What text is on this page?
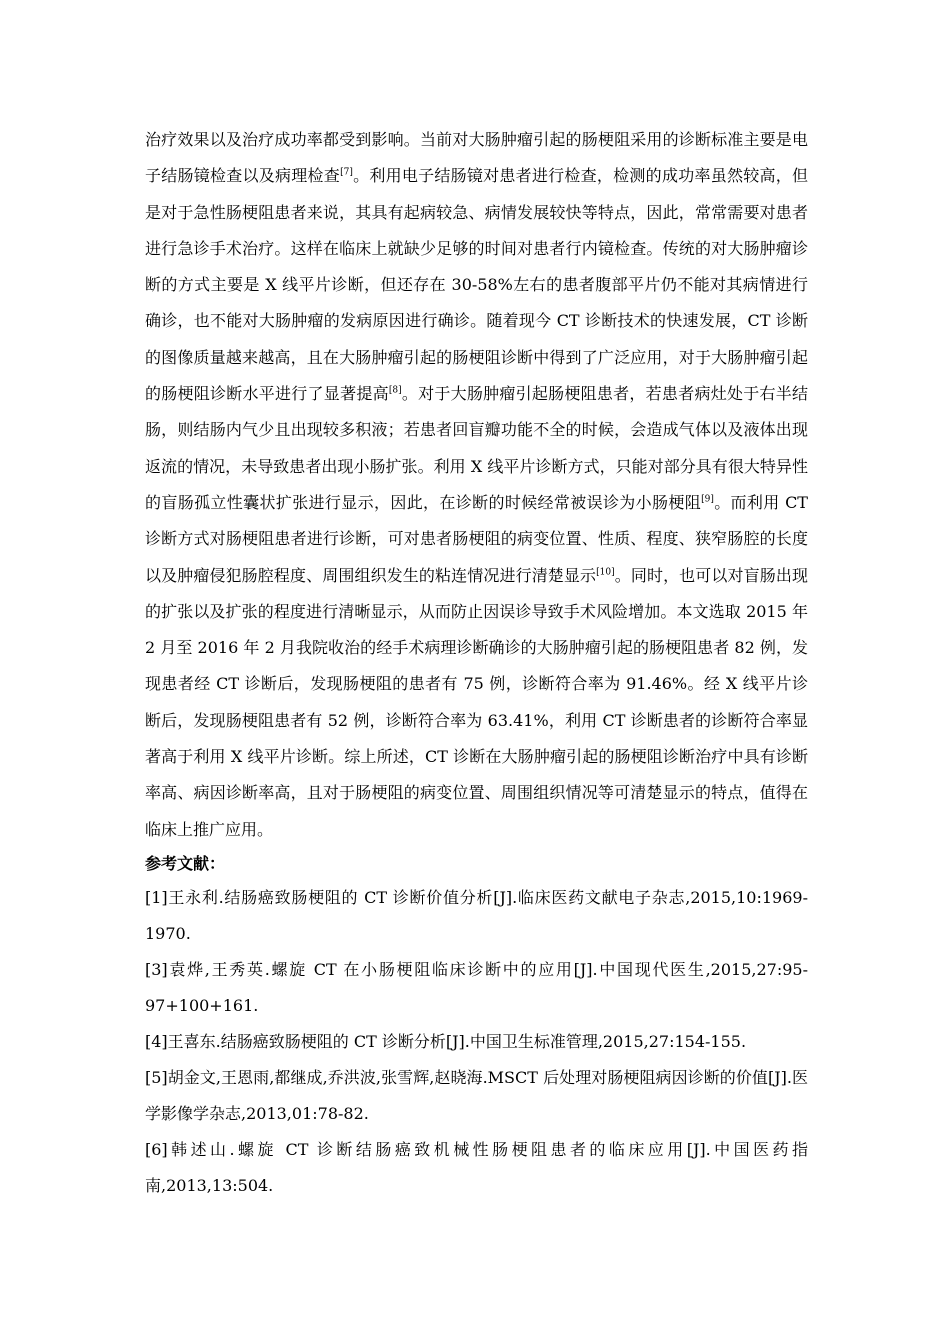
治疗效果以及治疗成功率都受到影响。当前对大肠肿瘤引起的肠梗阻采用的诊断标准主要是电子结肠镜检查以及病理检查[7]。利用电子结肠镜对患者进行检查，检测的成功率虽然较高，但是对于急性肠梗阻患者来说，其具有起病较急、病情发展较快等特点，因此，常常需要对患者进行急诊手术治疗。这样在临床上就缺少足够的时间对患者行内镜检查。传统的对大肠肿瘤诊断的方式主要是 X 线平片诊断，但还存在 30-58%左右的患者腹部平片仍不能对其病情进行确诊，也不能对大肠肿瘤的发病原因进行确诊。随着现今 CT 诊断技术的快速发展，CT 诊断的图像质量越来越高，且在大肠肿瘤引起的肠梗阻诊断中得到了广泛应用，对于大肠肿瘤引起的肠梗阻诊断水平进行了显著提高[8]。对于大肠肿瘤引起肠梗阻患者，若患者病灶处于右半结肠，则结肠内气少且出现较多积液；若患者回盲瓣功能不全的时候，会造成气体以及液体出现返流的情况，未导致患者出现小肠扩张。利用 X 线平片诊断方式，只能对部分具有很大特异性的盲肠孤立性囊状扩张进行显示，因此，在诊断的时候经常被误诊为小肠梗阻[9]。而利用 CT 诊断方式对肠梗阻患者进行诊断，可对患者肠梗阻的病变位置、性质、程度、狭窄肠腔的长度以及肿瘤侵犯肠腔程度、周围组织发生的粘连情况进行清楚显示[10]。同时，也可以对盲肠出现的扩张以及扩张的程度进行清晰显示，从而防止因误诊导致手术风险增加。本文选取 2015 年 2 月至 2016 年 2 月我院收治的经手术病理诊断确诊的大肠肿瘤引起的肠梗阻患者 82 例，发现患者经 CT 诊断后，发现肠梗阻的患者有 75 例，诊断符合率为 91.46%。经 X 线平片诊断后，发现肠梗阻患者有 52 例，诊断符合率为 63.41%，利用 CT 诊断患者的诊断符合率显著高于利用 X 线平片诊断。综上所述，CT 诊断在大肠肿瘤引起的肠梗阻诊断治疗中具有诊断率高、病因诊断率高，且对于肠梗阻的病变位置、周围组织情况等可清楚显示的特点，值得在临床上推广应用。

参考文献：

[1]王永利.结肠癌致肠梗阻的 CT 诊断价值分析[J].临床医药文献电子杂志,2015,10:1969-1970.

[3]袁烨,王秀英.螺旋 CT 在小肠梗阻临床诊断中的应用[J].中国现代医生,2015,27:95-97+100+161.

[4]王喜东.结肠癌致肠梗阻的 CT 诊断分析[J].中国卫生标准管理,2015,27:154-155.

[5]胡金文,王恩雨,都继成,乔洪波,张雪辉,赵晓海.MSCT 后处理对肠梗阻病因诊断的价值[J].医学影像学杂志,2013,01:78-82.

[6]韩述山.螺旋 CT 诊断结肠癌致机械性肠梗阻患者的临床应用[J].中国医药指南,2013,13:504.
